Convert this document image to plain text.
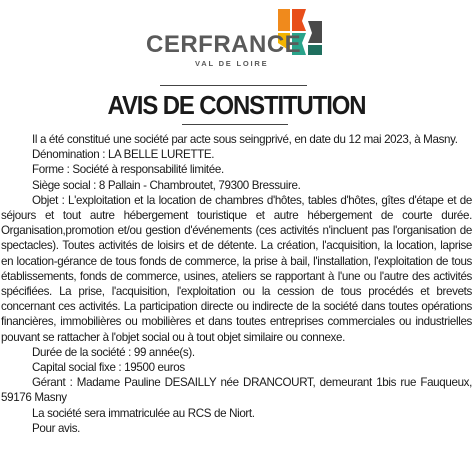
CERFRANCE
VAL DE LOIRE
AVIS DE CONSTITUTION

Il a été constitué une société par acte sous seingprivé, en date du 12 mai 2023, à Masny.

Dénomination : LA BELLE LURETTE.

Forme : Société à responsabilité limitée.

Siège social : 8 Pallain - Chambroutet, 79300 Bressuire.

Objet : L'exploitation et la location de chambres d'hôtes, tables d'hôtes, gîtes d'étape et de séjours et tout autre hébergement touristique et autre hébergement de courte durée. Organisation,promotion et/ou gestion d'événements (ces activités n'incluent pas l'organisation de spectacles). Toutes activités de loisirs et de détente. La création, l'acquisition, la location, laprise en location-gérance de tous fonds de commerce, la prise à bail, l'installation, l'exploitation de tous établissements, fonds de commerce, usines, ateliers se rapportant à l'une ou l'autre des activités spécifiées. La prise, l'acquisition, l'exploitation ou la cession de tous procédés et brevets concernant ces activités. La participation directe ou indirecte de la société dans toutes opérations financières, immobilières ou mobilières et dans toutes entreprises commerciales ou industrielles pouvant se rattacher à l'objet social ou à tout objet similaire ou connexe.

Durée de la société : 99 année(s).

Capital social fixe : 19500 euros

Gérant : Madame Pauline DESAILLY née DRANCOURT, demeurant 1bis rue Fauqueux, 59176 Masny

La société sera immatriculée au RCS de Niort.

Pour avis.
